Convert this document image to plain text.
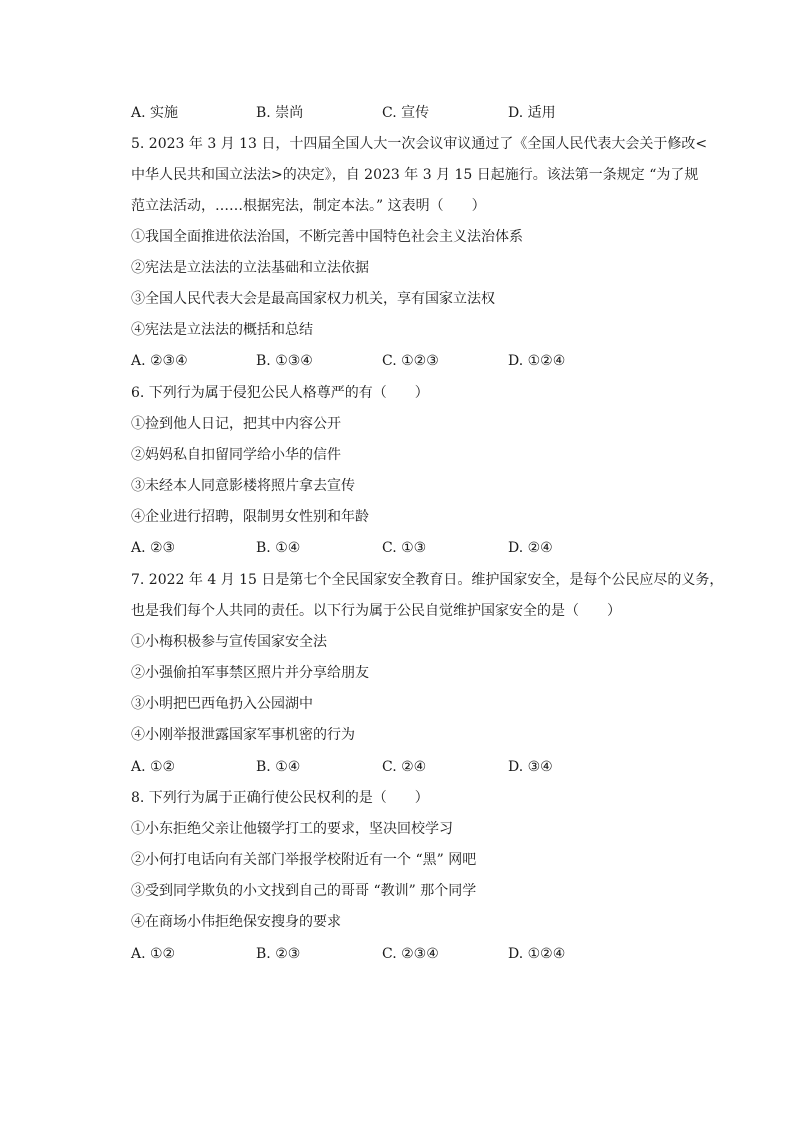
A. 实施	B. 崇尚	C. 宣传	D. 适用
5. 2023 年 3 月 13 日，十四届全国人大一次会议审议通过了《全国人民代表大会关于修改<
中华人民共和国立法法>的决定》，自 2023 年 3 月 15 日起施行。该法第一条规定 “为了规
范立法活动，……根据宪法，制定本法。” 这表明（　　）
①我国全面推进依法治国，不断完善中国特色社会主义法治体系
②宪法是立法法的立法基础和立法依据
③全国人民代表大会是最高国家权力机关，享有国家立法权
④宪法是立法法的概括和总结
A. ②③④	B. ①③④	C. ①②③	D. ①②④
6. 下列行为属于侵犯公民人格尊严的有（　　）
①捡到他人日记，把其中内容公开
②妈妈私自扣留同学给小华的信件
③未经本人同意影楼将照片拿去宣传
④企业进行招聘，限制男女性别和年龄
A. ②③	B. ①④	C. ①③	D. ②④
7. 2022 年 4 月 15 日是第七个全民国家安全教育日。维护国家安全，是每个公民应尽的义务，
也是我们每个人共同的责任。以下行为属于公民自觉维护国家安全的是（　　）
①小梅积极参与宣传国家安全法
②小强偷拍军事禁区照片并分享给朋友
③小明把巴西龟扔入公园湖中
④小刚举报泄露国家军事机密的行为
A. ①②	B. ①④	C. ②④	D. ③④
8. 下列行为属于正确行使公民权利的是（　　）
①小东拒绝父亲让他辍学打工的要求，坚决回校学习
②小何打电话向有关部门举报学校附近有一个 “黑” 网吧
③受到同学欺负的小文找到自己的哥哥 “教训” 那个同学
④在商场小伟拒绝保安搜身的要求
A. ①②	B. ②③	C. ②③④	D. ①②④
